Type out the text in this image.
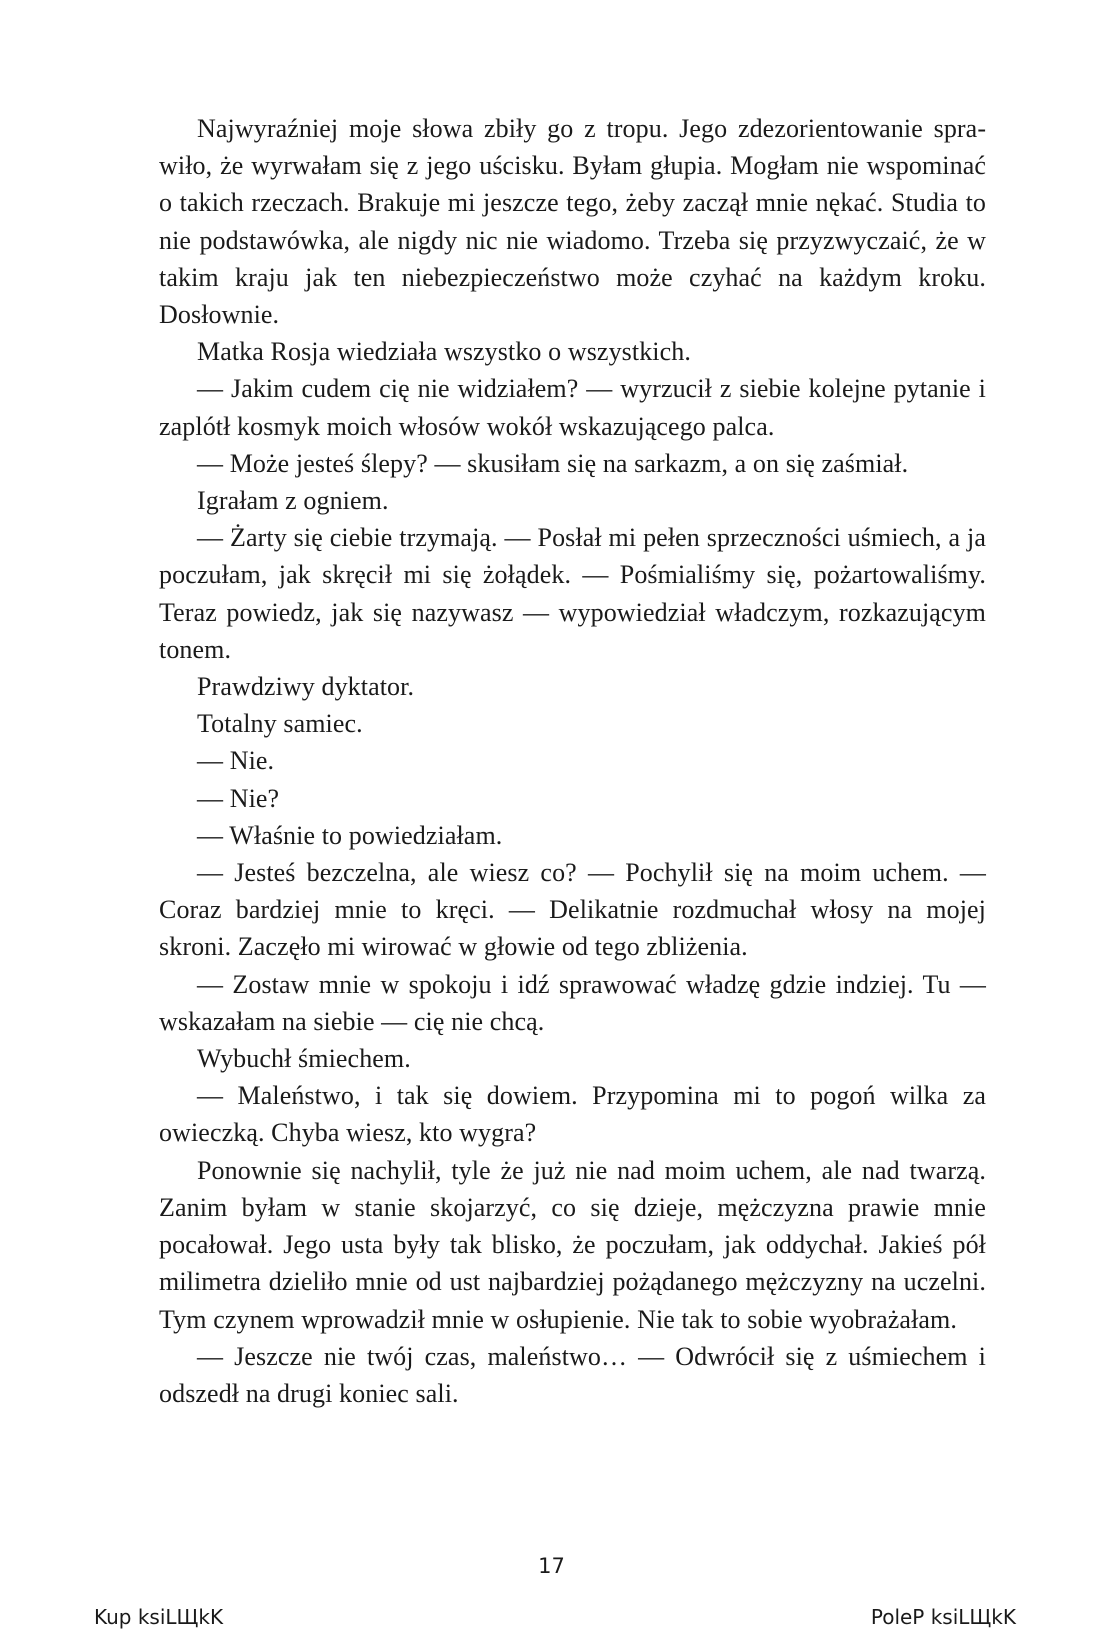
Najwyraźniej moje słowa zbiły go z tropu. Jego zdezorientowanie sprawiło, że wyrwałam się z jego uścisku. Byłam głupia. Mogłam nie wspominać o takich rzeczach. Brakuje mi jeszcze tego, żeby zaczął mnie nękać. Studia to nie podstawówka, ale nigdy nic nie wiadomo. Trzeba się przyzwyczaić, że w takim kraju jak ten niebezpieczeństwo może czyhać na każdym kroku. Dosłownie.

Matka Rosja wiedziała wszystko o wszystkich.

— Jakim cudem cię nie widziałem? — wyrzucił z siebie kolejne pytanie i zaplótł kosmyk moich włosów wokół wskazującego palca.

— Może jesteś ślepy? — skusiłam się na sarkazm, a on się zaśmiał.

Igrałam z ogniem.

— Żarty się ciebie trzymają. — Posłał mi pełen sprzeczności uśmiech, a ja poczułam, jak skręcił mi się żołądek. — Pośmialiśmy się, pożartowaliśmy. Teraz powiedz, jak się nazywasz — wypowiedział władczym, rozkazującym tonem.

Prawdziwy dyktator.

Totalny samiec.

— Nie.

— Nie?

— Właśnie to powiedziałam.

— Jesteś bezczelna, ale wiesz co? — Pochylił się na moim uchem. — Coraz bardziej mnie to kręci. — Delikatnie rozdmuchał włosy na mojej skroni. Zaczęło mi wirować w głowie od tego zbliżenia.

— Zostaw mnie w spokoju i idź sprawować władzę gdzie indziej. Tu — wskazałam na siebie — cię nie chcą.

Wybuchł śmiechem.

— Maleństwo, i tak się dowiem. Przypomina mi to pogoń wilka za owieczką. Chyba wiesz, kto wygra?

Ponownie się nachylił, tyle że już nie nad moim uchem, ale nad twarzą. Zanim byłam w stanie skojarzyć, co się dzieje, mężczyzna prawie mnie pocałował. Jego usta były tak blisko, że poczułam, jak oddychał. Jakieś pół milimetra dzieliło mnie od ust najbardziej pożądanego mężczyzny na uczelni. Tym czynem wprowadził mnie w osłupienie. Nie tak to sobie wyobrażałam.

— Jeszcze nie twój czas, maleństwo… — Odwrócił się z uśmiechem i odszedł na drugi koniec sali.

17
Kup ksiLЩkK	PoleP ksiLЩkK
